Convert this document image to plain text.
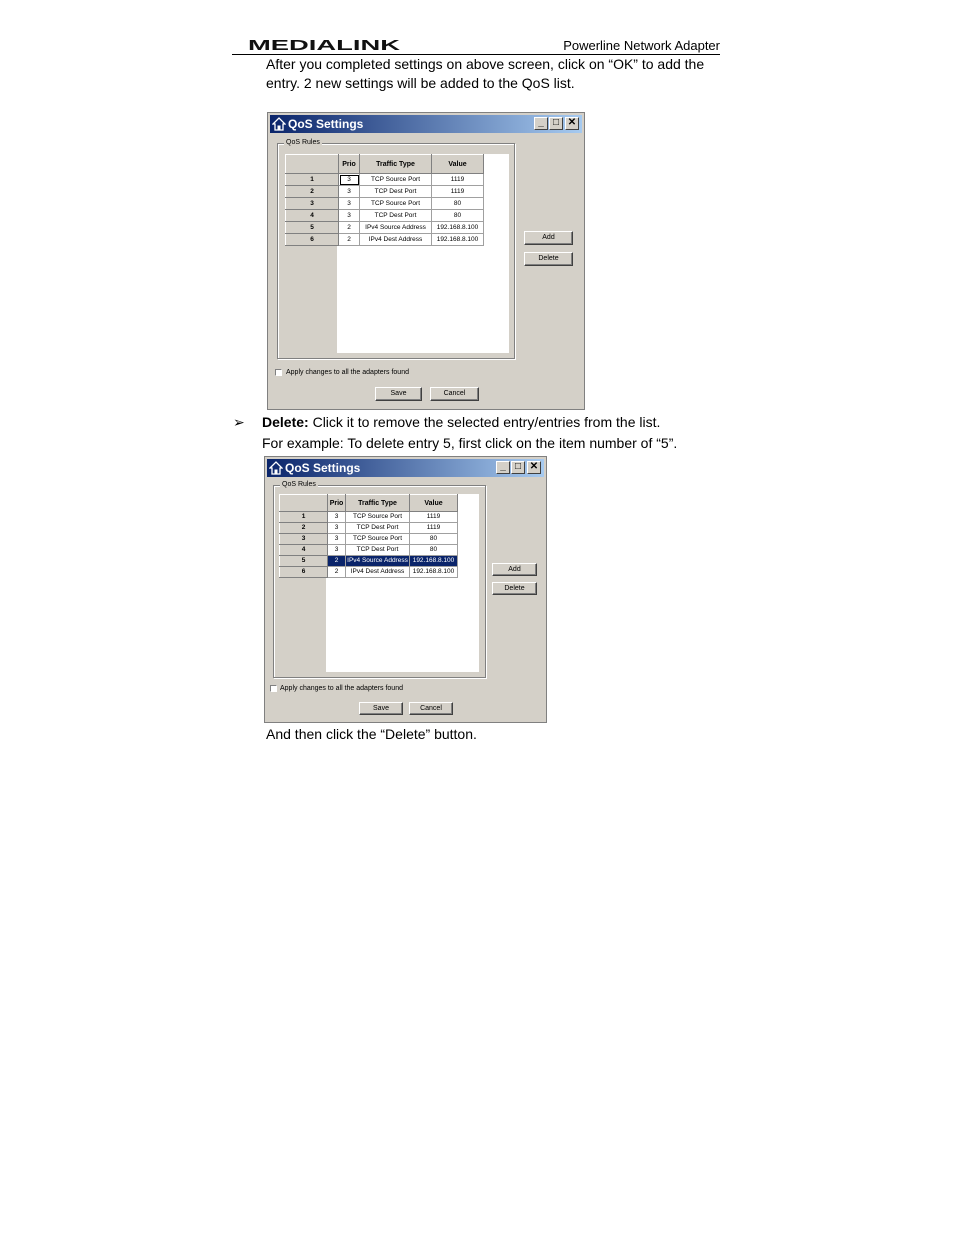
MEDIALINK	Powerline Network Adapter
After you completed settings on above screen, click on “OK” to add the entry. 2 new settings will be added to the QoS list.
QoS Settings	_ □ ✕
QoS Rules
	Prio	Traffic Type	Value
1	3	TCP Source Port	1119
2	3	TCP Dest Port	1119
3	3	TCP Source Port	80
4	3	TCP Dest Port	80
5	2	IPv4 Source Address	192.168.8.100
6	2	IPv4 Dest Address	192.168.8.100	Add
Delete
Apply changes to all the adapters found
Save	Cancel
➢ Delete: Click it to remove the selected entry/entries from the list.
For example: To delete entry 5, first click on the item number of “5”.
QoS Settings	_ □ ✕
QoS Rules
	Prio	Traffic Type	Value
1	3	TCP Source Port	1119
2	3	TCP Dest Port	1119
3	3	TCP Source Port	80
4	3	TCP Dest Port	80
5	2	IPv4 Source Address	192.168.8.100
6	2	IPv4 Dest Address	192.168.8.100	Add
Delete
Apply changes to all the adapters found
Save	Cancel
And then click the “Delete” button.
